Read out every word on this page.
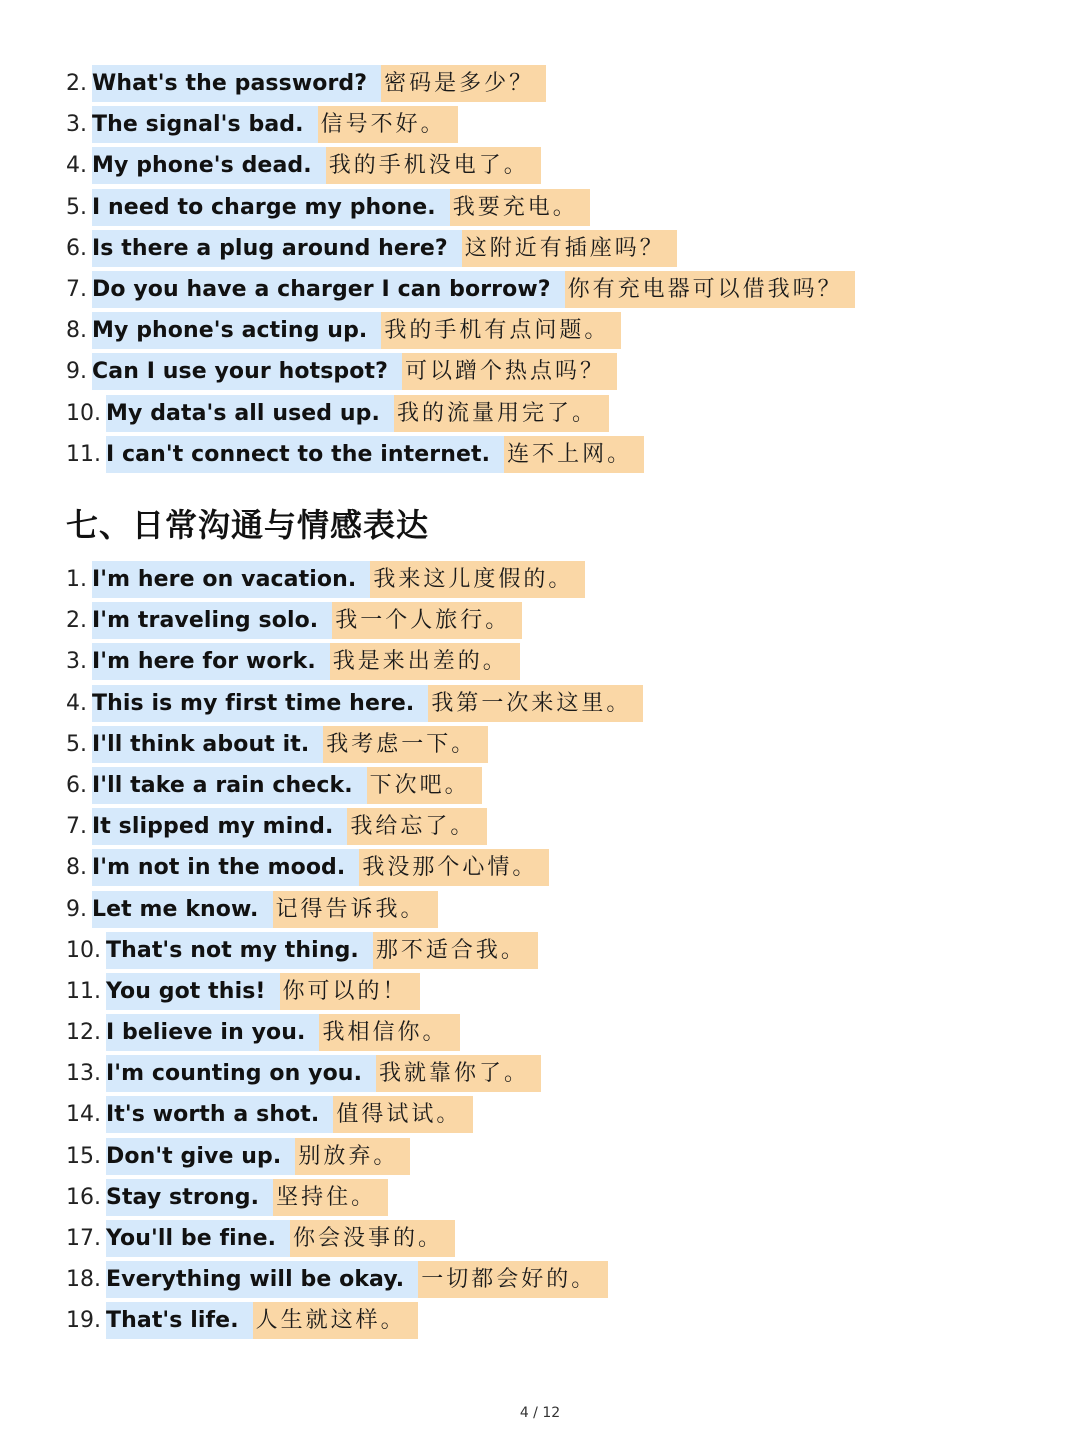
2. What's the password? 密码是多少？
3. The signal's bad. 信号不好。
4. My phone's dead. 我的手机没电了。
5. I need to charge my phone. 我要充电。
6. Is there a plug around here? 这附近有插座吗？
7. Do you have a charger I can borrow? 你有充电器可以借我吗？
8. My phone's acting up. 我的手机有点问题。
9. Can I use your hotspot? 可以蹭个热点吗？
10. My data's all used up. 我的流量用完了。
11. I can't connect to the internet. 连不上网。
七、日常沟通与情感表达
1. I'm here on vacation. 我来这儿度假的。
2. I'm traveling solo. 我一个人旅行。
3. I'm here for work. 我是来出差的。
4. This is my first time here. 我第一次来这里。
5. I'll think about it. 我考虑一下。
6. I'll take a rain check. 下次吧。
7. It slipped my mind. 我给忘了。
8. I'm not in the mood. 我没那个心情。
9. Let me know. 记得告诉我。
10. That's not my thing. 那不适合我。
11. You got this! 你可以的！
12. I believe in you. 我相信你。
13. I'm counting on you. 我就靠你了。
14. It's worth a shot. 值得试试。
15. Don't give up. 别放弃。
16. Stay strong. 坚持住。
17. You'll be fine. 你会没事的。
18. Everything will be okay. 一切都会好的。
19. That's life. 人生就这样。
4 / 12
